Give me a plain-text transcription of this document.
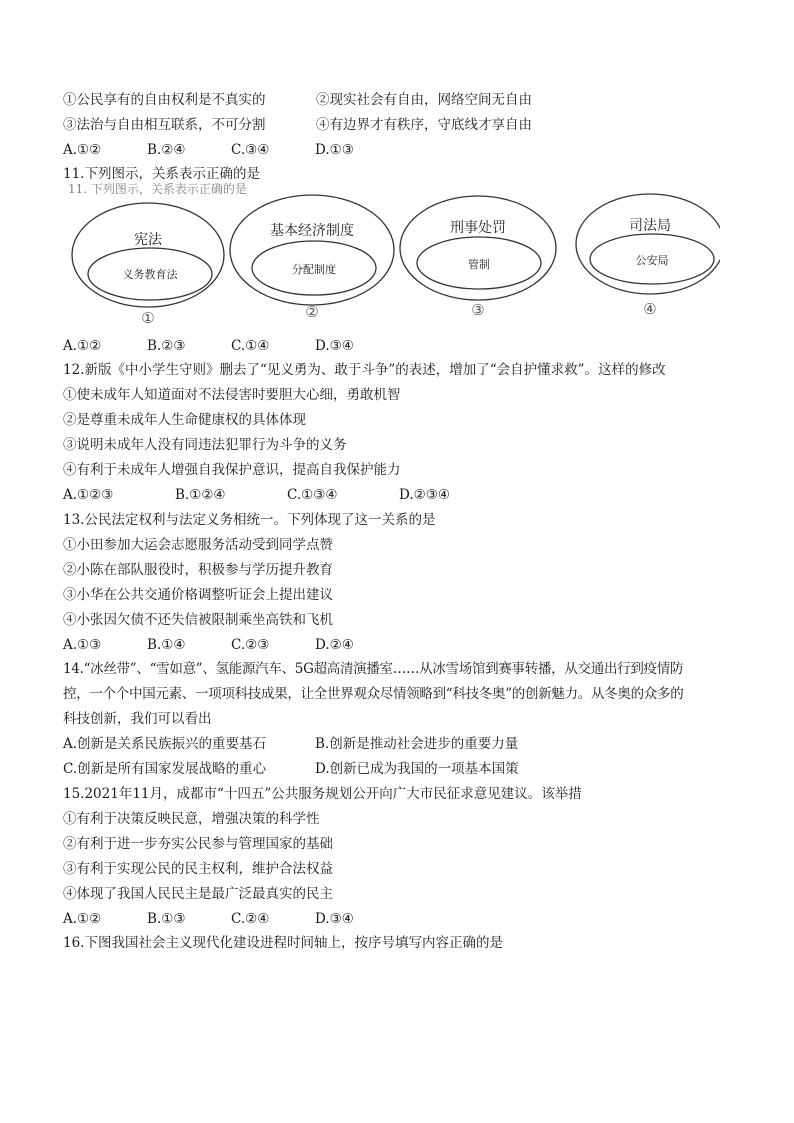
①公民享有的自由权利是不真实的	②现实社会有自由，网络空间无自由
③法治与自由相互联系，不可分割	④有边界才有秩序，守底线才享自由
A.①②	B.②④	C.③④	D.①③
11.下列图示，关系表示正确的是
11. 下列图示，关系表示正确的是
宪法
义务教育法
①
基本经济制度
分配制度
②
刑事处罚
管制
③
司法局
公安局
④
A.①②	B.②③	C.①④	D.③④
12.新版《中小学生守则》删去了“见义勇为、敢于斗争”的表述，增加了“会自护懂求救”。这样的修改
①使未成年人知道面对不法侵害时要胆大心细，勇敢机智
②是尊重未成年人生命健康权的具体体现
③说明未成年人没有同违法犯罪行为斗争的义务
④有利于未成年人增强自我保护意识，提高自我保护能力
A.①②③	B.①②④	C.①③④	D.②③④
13.公民法定权利与法定义务相统一。下列体现了这一关系的是
①小田参加大运会志愿服务活动受到同学点赞
②小陈在部队服役时，积极参与学历提升教育
③小华在公共交通价格调整听证会上提出建议
④小张因欠债不还失信被限制乘坐高铁和飞机
A.①③	B.①④	C.②③	D.②④
14.“冰丝带”、“雪如意”、氢能源汽车、5G超高清演播室……从冰雪场馆到赛事转播，从交通出行到疫情防
控，一个个中国元素、一项项科技成果，让全世界观众尽情领略到“科技冬奥”的创新魅力。从冬奥的众多的
科技创新，我们可以看出
A.创新是关系民族振兴的重要基石	B.创新是推动社会进步的重要力量
C.创新是所有国家发展战略的重心	D.创新已成为我国的一项基本国策
15.2021年11月，成都市“十四五”公共服务规划公开向广大市民征求意见建议。该举措
①有利于决策反映民意，增强决策的科学性
②有利于进一步夯实公民参与管理国家的基础
③有利于实现公民的民主权利，维护合法权益
④体现了我国人民民主是最广泛最真实的民主
A.①②	B.①③	C.②④	D.③④
16.下图我国社会主义现代化建设进程时间轴上，按序号填写内容正确的是
